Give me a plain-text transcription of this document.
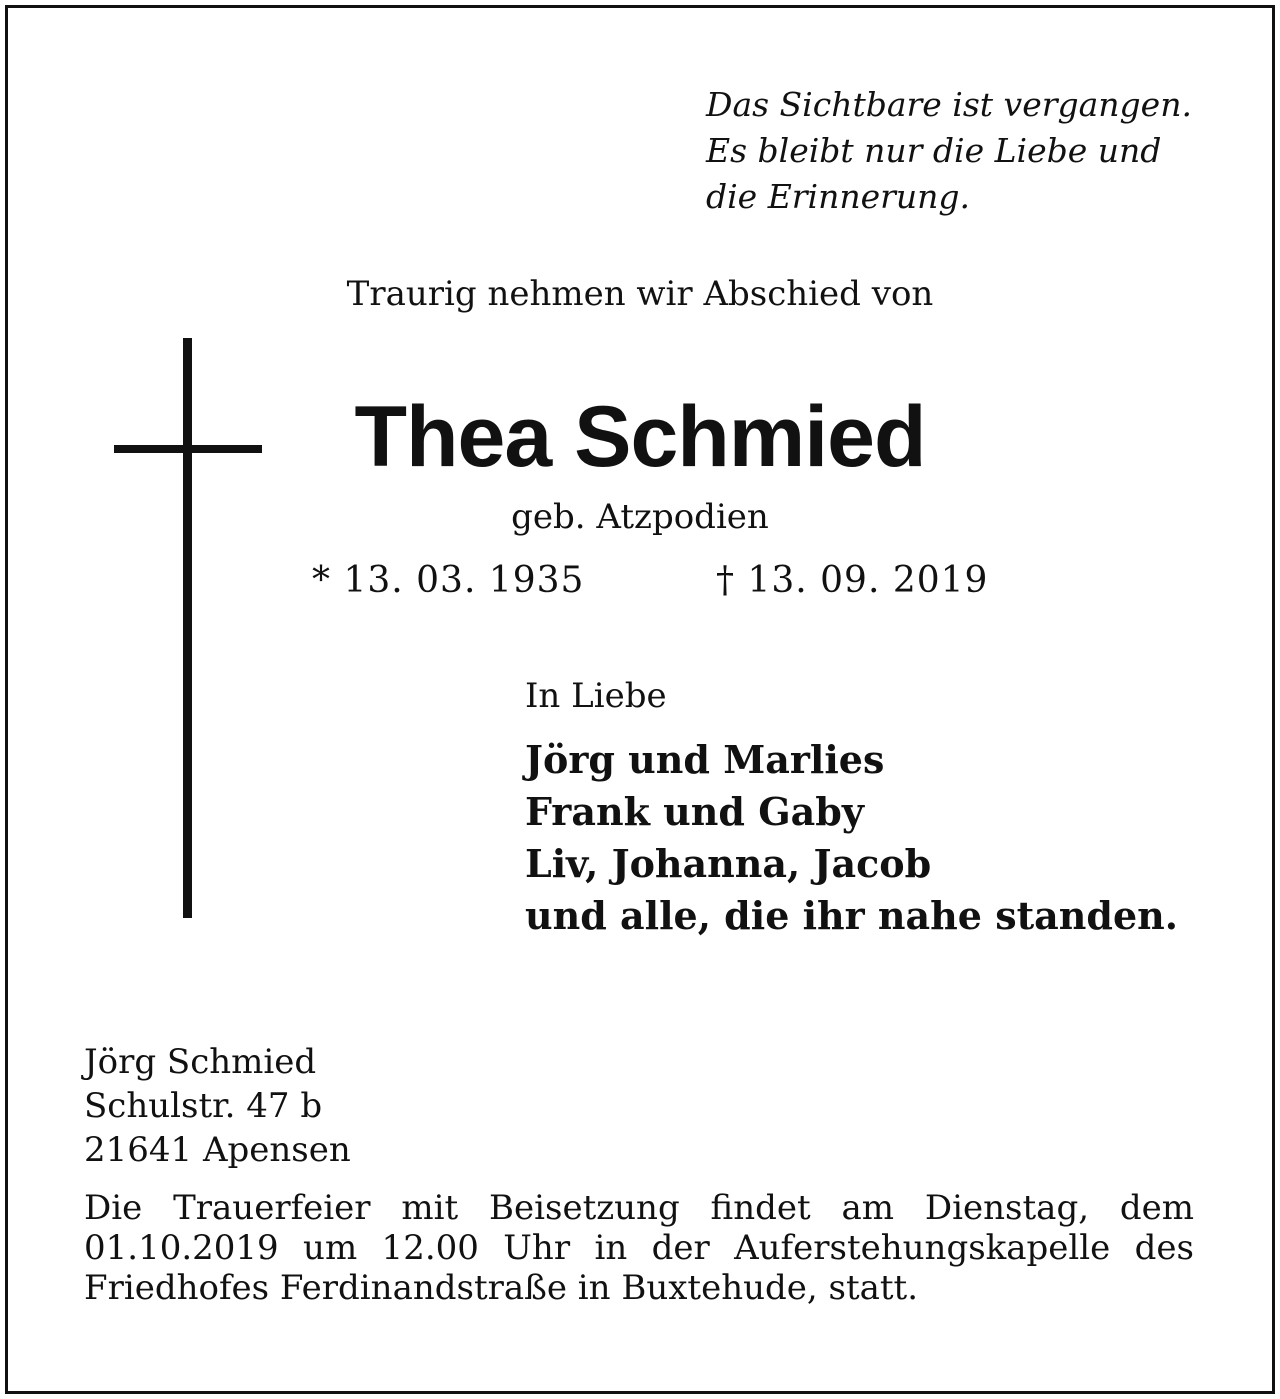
Das Sichtbare ist vergangen.
Es bleibt nur die Liebe und
die Erinnerung.
Traurig nehmen wir Abschied von
Thea Schmied
geb. Atzpodien
* 13. 03. 1935	† 13. 09. 2019
In Liebe
Jörg und Marlies
Frank und Gaby
Liv, Johanna, Jacob
und alle, die ihr nahe standen.
Jörg Schmied
Schulstr. 47 b
21641 Apensen
Die Trauerfeier mit Beisetzung findet am Dienstag, dem 01.10.2019 um 12.00 Uhr in der Auferstehungskapelle des Friedhofes Ferdinandstraße in Buxtehude, statt.
